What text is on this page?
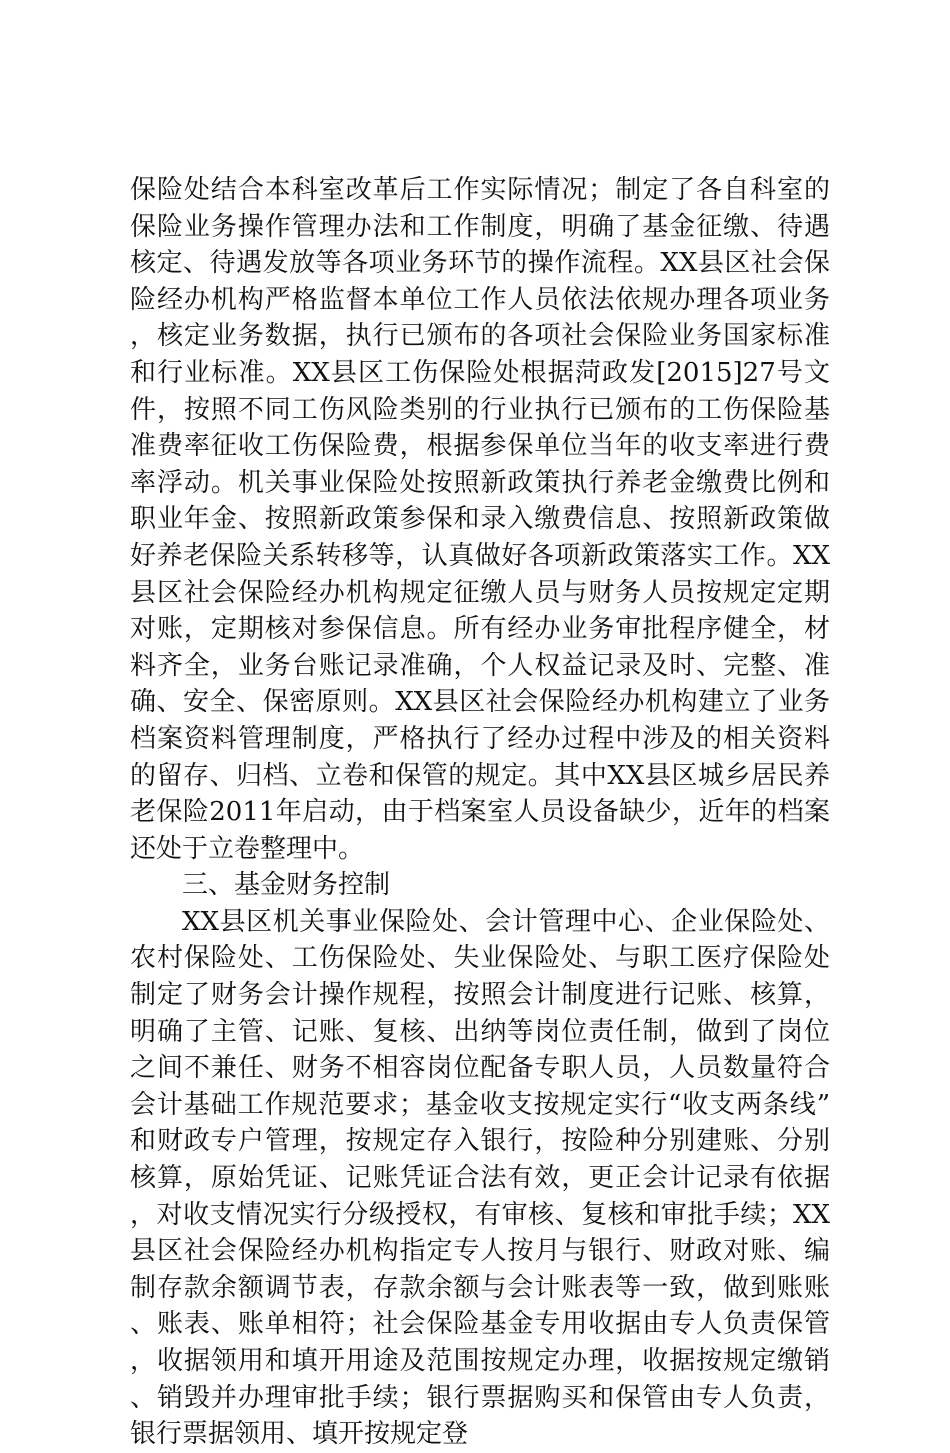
保险处结合本科室改革后工作实际情况；制定了各自科室的保险业务操作管理办法和工作制度，明确了基金征缴、待遇核定、待遇发放等各项业务环节的操作流程。XX县区社会保险经办机构严格监督本单位工作人员依法依规办理各项业务，核定业务数据，执行已颁布的各项社会保险业务国家标准和行业标准。XX县区工伤保险处根据菏政发[2015]27号文件，按照不同工伤风险类别的行业执行已颁布的工伤保险基准费率征收工伤保险费，根据参保单位当年的收支率进行费率浮动。机关事业保险处按照新政策执行养老金缴费比例和职业年金、按照新政策参保和录入缴费信息、按照新政策做好养老保险关系转移等，认真做好各项新政策落实工作。XX县区社会保险经办机构规定征缴人员与财务人员按规定定期对账，定期核对参保信息。所有经办业务审批程序健全，材料齐全，业务台账记录准确，个人权益记录及时、完整、准确、安全、保密原则。XX县区社会保险经办机构建立了业务档案资料管理制度，严格执行了经办过程中涉及的相关资料的留存、归档、立卷和保管的规定。其中XX县区城乡居民养老保险2011年启动，由于档案室人员设备缺少，近年的档案还处于立卷整理中。

三、基金财务控制

XX县区机关事业保险处、会计管理中心、企业保险处、农村保险处、工伤保险处、失业保险处、与职工医疗保险处制定了财务会计操作规程，按照会计制度进行记账、核算，明确了主管、记账、复核、出纳等岗位责任制，做到了岗位之间不兼任、财务不相容岗位配备专职人员，人员数量符合会计基础工作规范要求；基金收支按规定实行“收支两条线”和财政专户管理，按规定存入银行，按险种分别建账、分别核算，原始凭证、记账凭证合法有效，更正会计记录有依据，对收支情况实行分级授权，有审核、复核和审批手续；XX县区社会保险经办机构指定专人按月与银行、财政对账、编制存款余额调节表，存款余额与会计账表等一致，做到账账、账表、账单相符；社会保险基金专用收据由专人负责保管，收据领用和填开用途及范围按规定办理，收据按规定缴销、销毁并办理审批手续；银行票据购买和保管由专人负责，银行票据领用、填开按规定登
